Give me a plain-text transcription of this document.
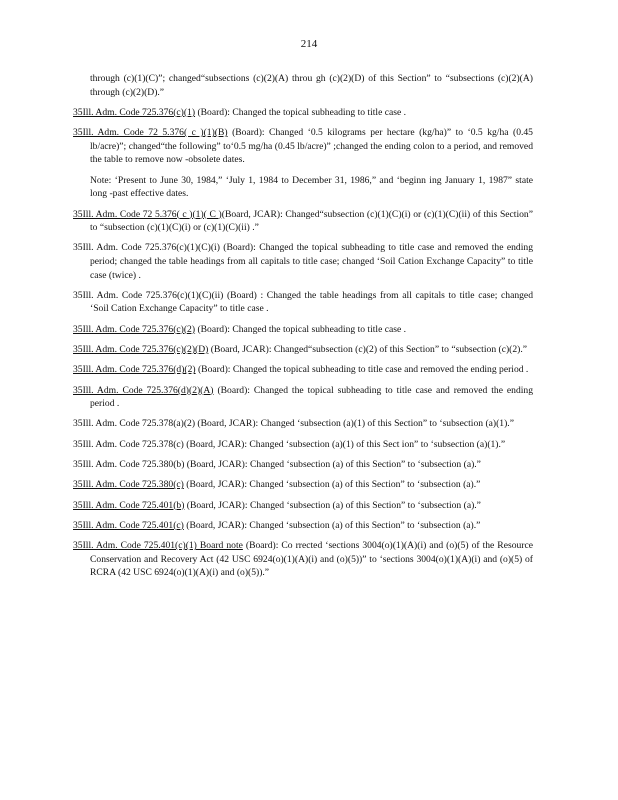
214

through (c)(1)(C)”; changed“subsections (c)(2)(A) throu gh (c)(2)(D) of this Section” to “subsections (c)(2)(A) through (c)(2)(D).”

35Ill. Adm. Code 725.376(c)(1) (Board): Changed the topical subheading to title case .

35Ill. Adm. Code 72 5.376( c )(1)(B) (Board): Changed ‘0.5 kilograms per hectare (kg/ha)” to ‘0.5 kg/ha (0.45 lb/acre)”; changed“the following” to‘0.5 mg/ha (0.45 lb/acre)” ;changed the ending colon to a period, and removed the table to remove now -obsolete dates.

Note: ‘Present to June 30, 1984,” ‘July 1, 1984 to December 31, 1986,” and ‘beginn ing January 1, 1987” state long -past effective dates.

35Ill. Adm. Code 72 5.376( c )(1)( C )(Board, JCAR): Changed“subsection (c)(1)(C)(i) or (c)(1)(C)(ii) of this Section” to “subsection (c)(1)(C)(i) or (c)(1)(C)(ii) .”

35Ill. Adm. Code 725.376(c)(1)(C)(i) (Board): Changed the topical subheading to title case and removed the ending period; changed the table headings from all capitals to title case; changed ‘Soil Cation Exchange Capacity” to title case (twice) .

35Ill. Adm. Code 725.376(c)(1)(C)(ii) (Board) : Changed the table headings from all capitals to title case; changed ‘Soil Cation Exchange Capacity” to title case .

35Ill. Adm. Code 725.376(c)(2) (Board): Changed the topical subheading to title case .

35Ill. Adm. Code 725.376(c)(2)(D) (Board, JCAR): Changed“subsection (c)(2) of this Section” to “subsection (c)(2).”

35Ill. Adm. Code 725.376(d)(2) (Board): Changed the topical subheading to title case and removed the ending period .

35Ill. Adm. Code 725.376(d)(2)(A) (Board): Changed the topical subheading to title case and removed the ending period .

35Ill. Adm. Code 725.378(a)(2) (Board, JCAR): Changed ‘subsection (a)(1) of this Section” to ‘subsection (a)(1).”

35Ill. Adm. Code 725.378(c) (Board, JCAR): Changed ‘subsection (a)(1) of this Sect ion” to ‘subsection (a)(1).”

35Ill. Adm. Code 725.380(b) (Board, JCAR): Changed ‘subsection (a) of this Section” to ‘subsection (a).”

35Ill. Adm. Code 725.380(c) (Board, JCAR): Changed ‘subsection (a) of this Section” to ‘subsection (a).”

35Ill. Adm. Code 725.401(b) (Board, JCAR): Changed ‘subsection (a) of this Section” to ‘subsection (a).”

35Ill. Adm. Code 725.401(c) (Board, JCAR): Changed ‘subsection (a) of this Section” to ‘subsection (a).”

35Ill. Adm. Code 725.401(c)(1) Board note (Board): Co rrected ‘sections 3004(o)(1)(A)(i) and (o)(5) of the Resource Conservation and Recovery Act (42 USC 6924(o)(1)(A)(i) and (o)(5))” to ‘sections 3004(o)(1)(A)(i) and (o)(5) of RCRA (42 USC 6924(o)(1)(A)(i) and (o)(5)).”
